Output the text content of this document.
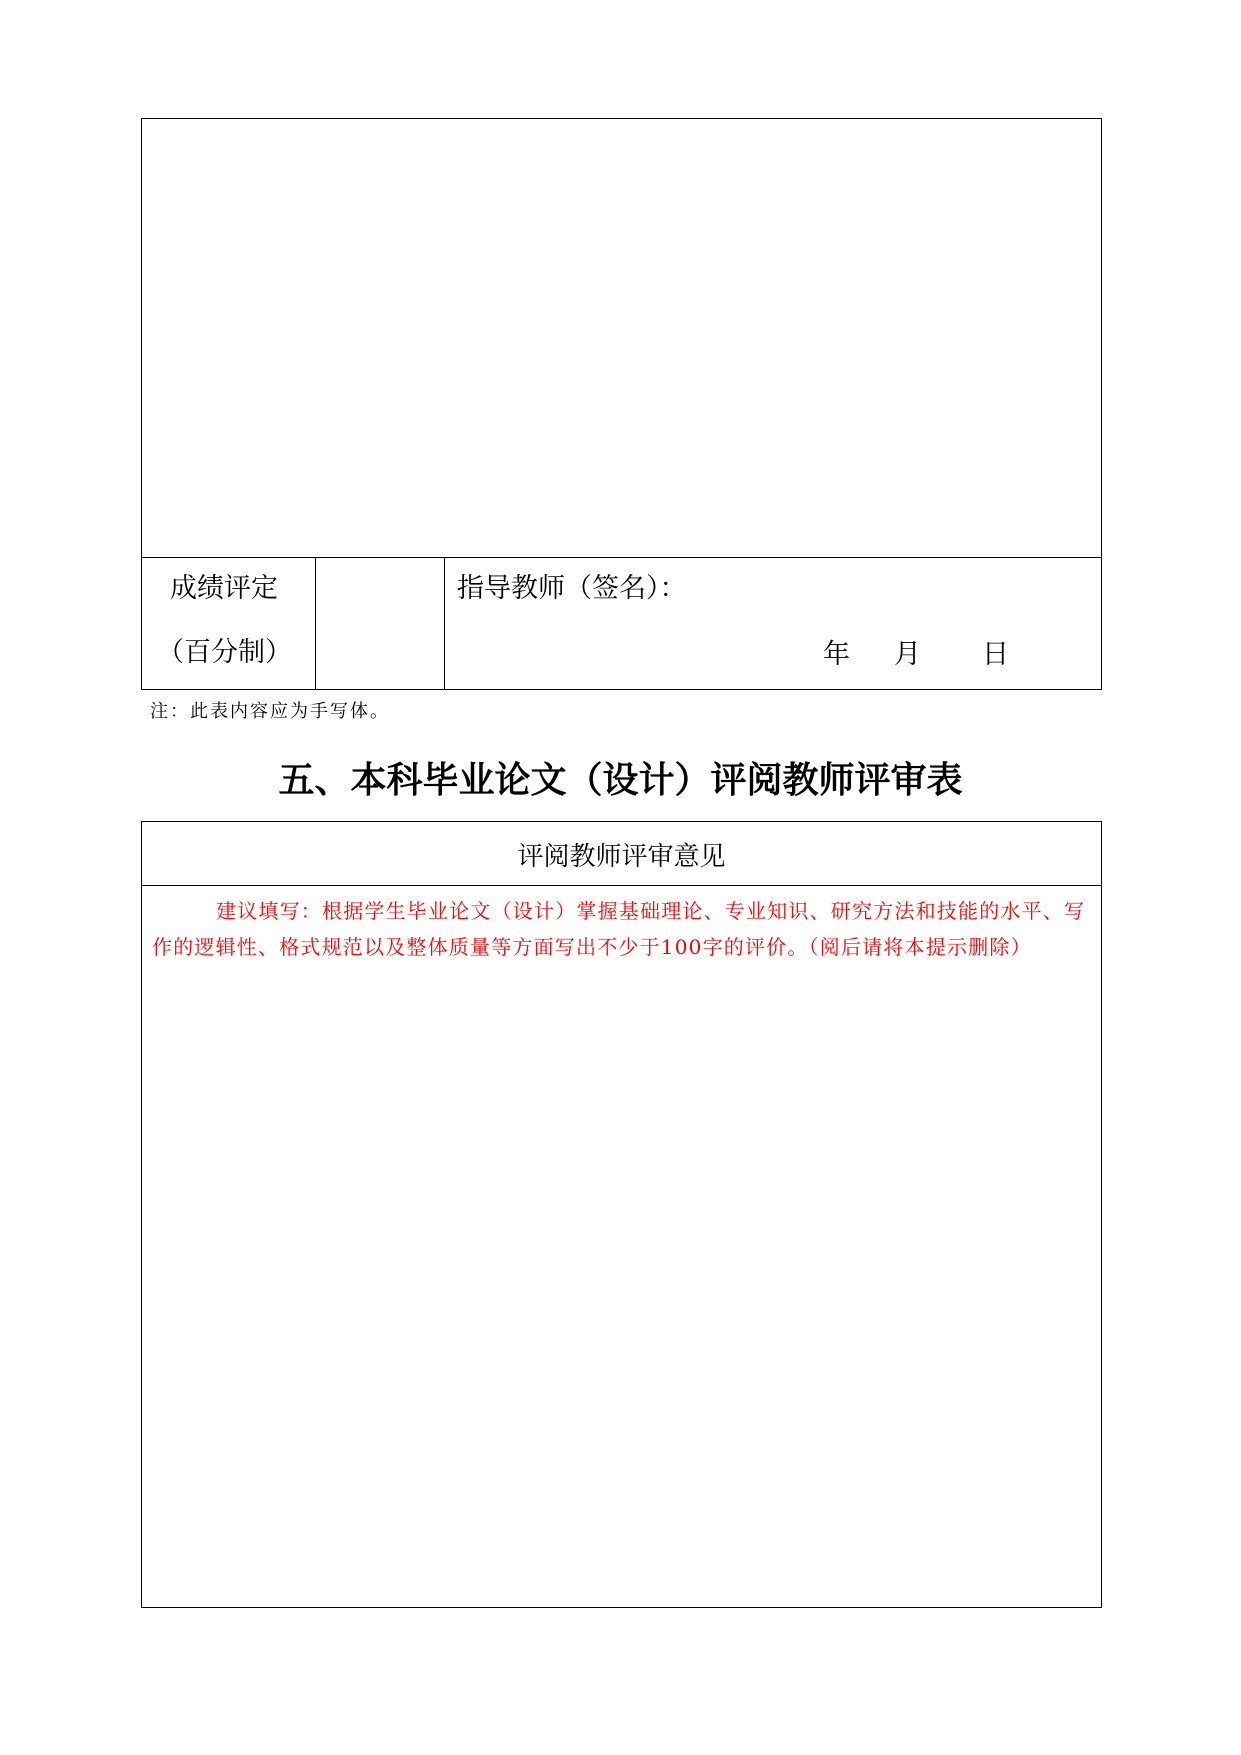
成绩评定
（百分制）
指导教师（签名）：
年 月 日
注：此表内容应为手写体。
五、本科毕业论文（设计）评阅教师评审表
评阅教师评审意见
建议填写：根据学生毕业论文（设计）掌握基础理论、专业知识、研究方法和技能的水平、写作的逻辑性、格式规范以及整体质量等方面写出不少于100字的评价。（阅后请将本提示删除）
